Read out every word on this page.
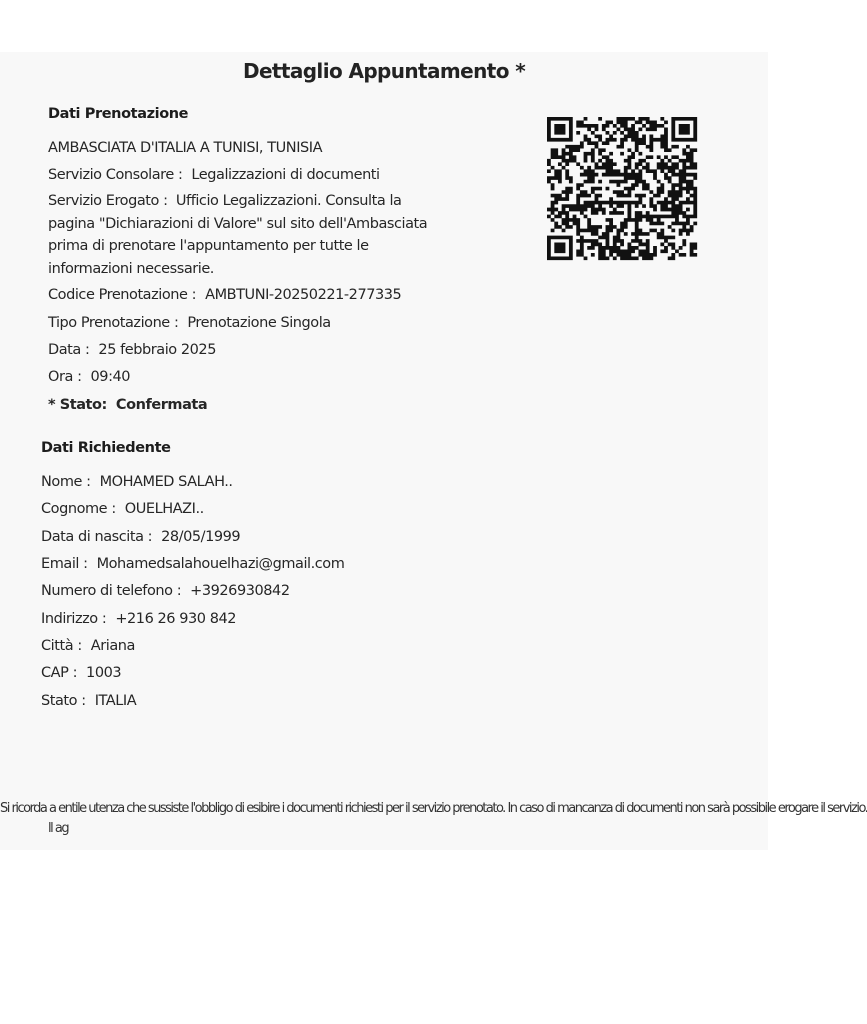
Dettaglio Appuntamento *
Dati Prenotazione
AMBASCIATA D'ITALIA A TUNISI, TUNISIA
Servizio Consolare : Legalizzazioni di documenti
Servizio Erogato : Ufficio Legalizzazioni. Consulta la pagina "Dichiarazioni di Valore" sul sito dell'Ambasciata prima di prenotare l'appuntamento per tutte le informazioni necessarie.
Codice Prenotazione : AMBTUNI-20250221-277335
Tipo Prenotazione : Prenotazione Singola
Data : 25 febbraio 2025
Ora : 09:40
* Stato: Confermata
Dati Richiedente
Nome : MOHAMED SALAH..
Cognome : OUELHAZI..
Data di nascita : 28/05/1999
Email : Mohamedsalahouelhazi@gmail.com
Numero di telefono : +3926930842
Indirizzo : +216 26 930 842
Città : Ariana
CAP : 1003
Stato : ITALIA
Si ricorda a entile utenza che sussiste l'obbligo di esibire i documenti richiesti per il servizio prenotato. In caso di mancanza di documenti non sarà possibile erogare il servizio.
ll ag
